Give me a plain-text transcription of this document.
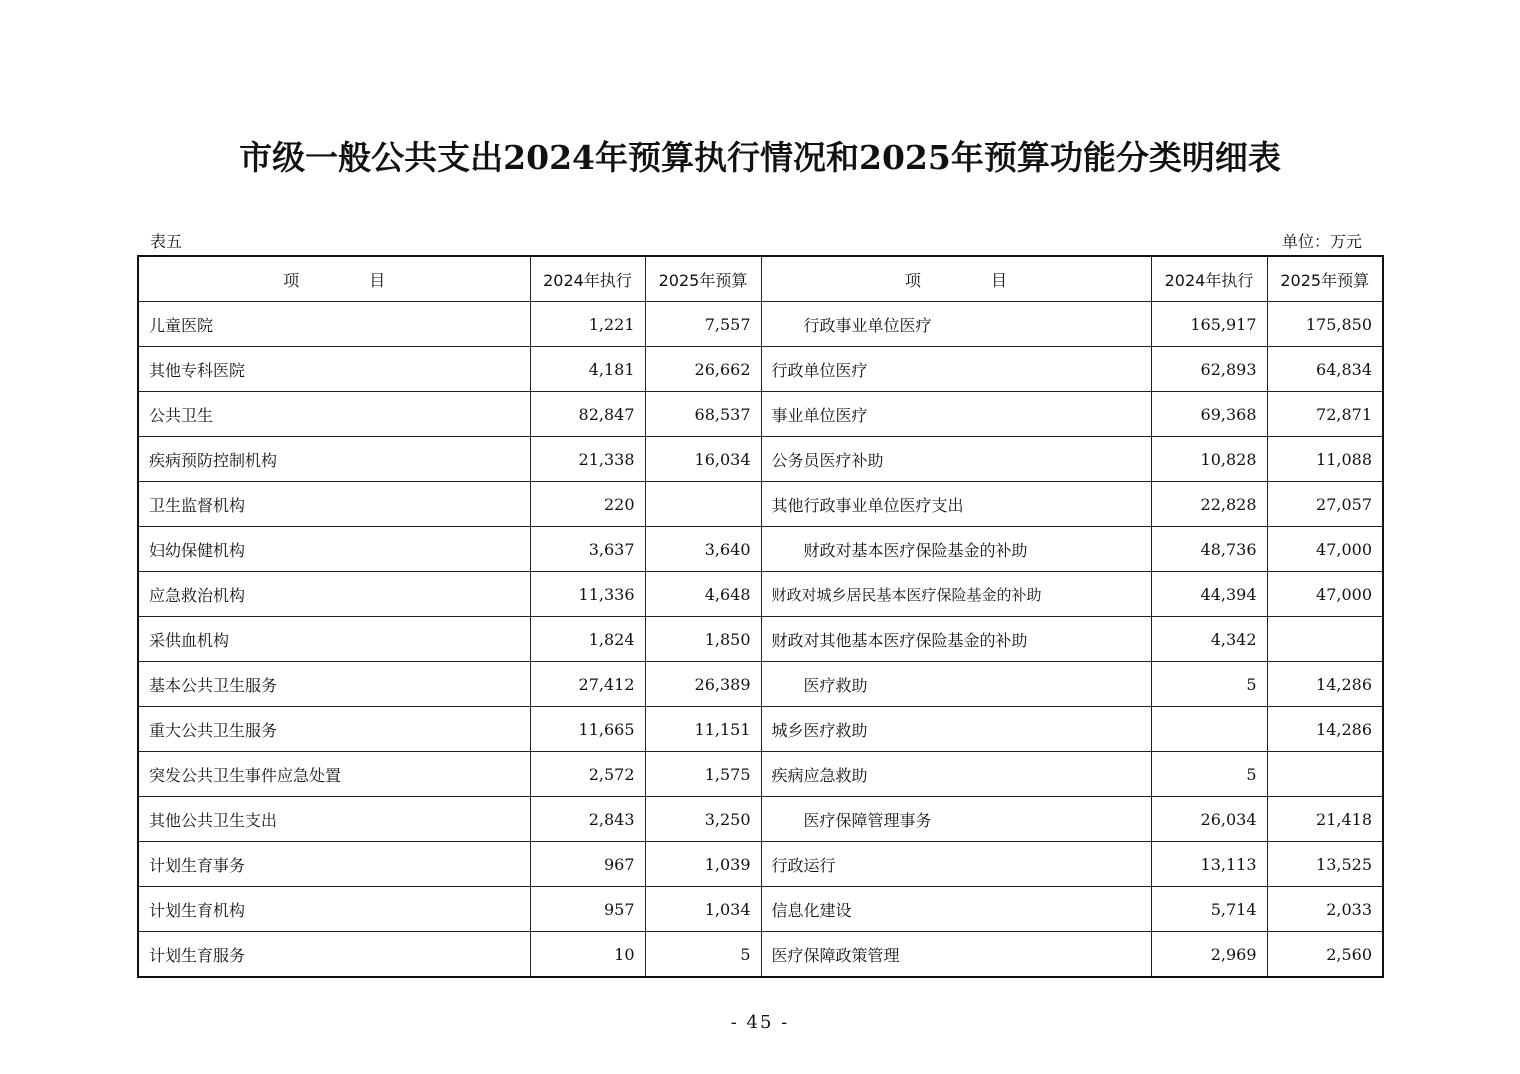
市级一般公共支出2024年预算执行情况和2025年预算功能分类明细表
表五	单位：万元
项 目	2024年执行	2025年预算	项 目	2024年执行	2025年预算
儿童医院	1,221	7,557	行政事业单位医疗	165,917	175,850
其他专科医院	4,181	26,662	行政单位医疗	62,893	64,834
公共卫生	82,847	68,537	事业单位医疗	69,368	72,871
疾病预防控制机构	21,338	16,034	公务员医疗补助	10,828	11,088
卫生监督机构	220		其他行政事业单位医疗支出	22,828	27,057
妇幼保健机构	3,637	3,640	财政对基本医疗保险基金的补助	48,736	47,000
应急救治机构	11,336	4,648	财政对城乡居民基本医疗保险基金的补助	44,394	47,000
采供血机构	1,824	1,850	财政对其他基本医疗保险基金的补助	4,342	
基本公共卫生服务	27,412	26,389	医疗救助	5	14,286
重大公共卫生服务	11,665	11,151	城乡医疗救助		14,286
突发公共卫生事件应急处置	2,572	1,575	疾病应急救助	5	
其他公共卫生支出	2,843	3,250	医疗保障管理事务	26,034	21,418
计划生育事务	967	1,039	行政运行	13,113	13,525
计划生育机构	957	1,034	信息化建设	5,714	2,033
计划生育服务	10	5	医疗保障政策管理	2,969	2,560
- 45 -
